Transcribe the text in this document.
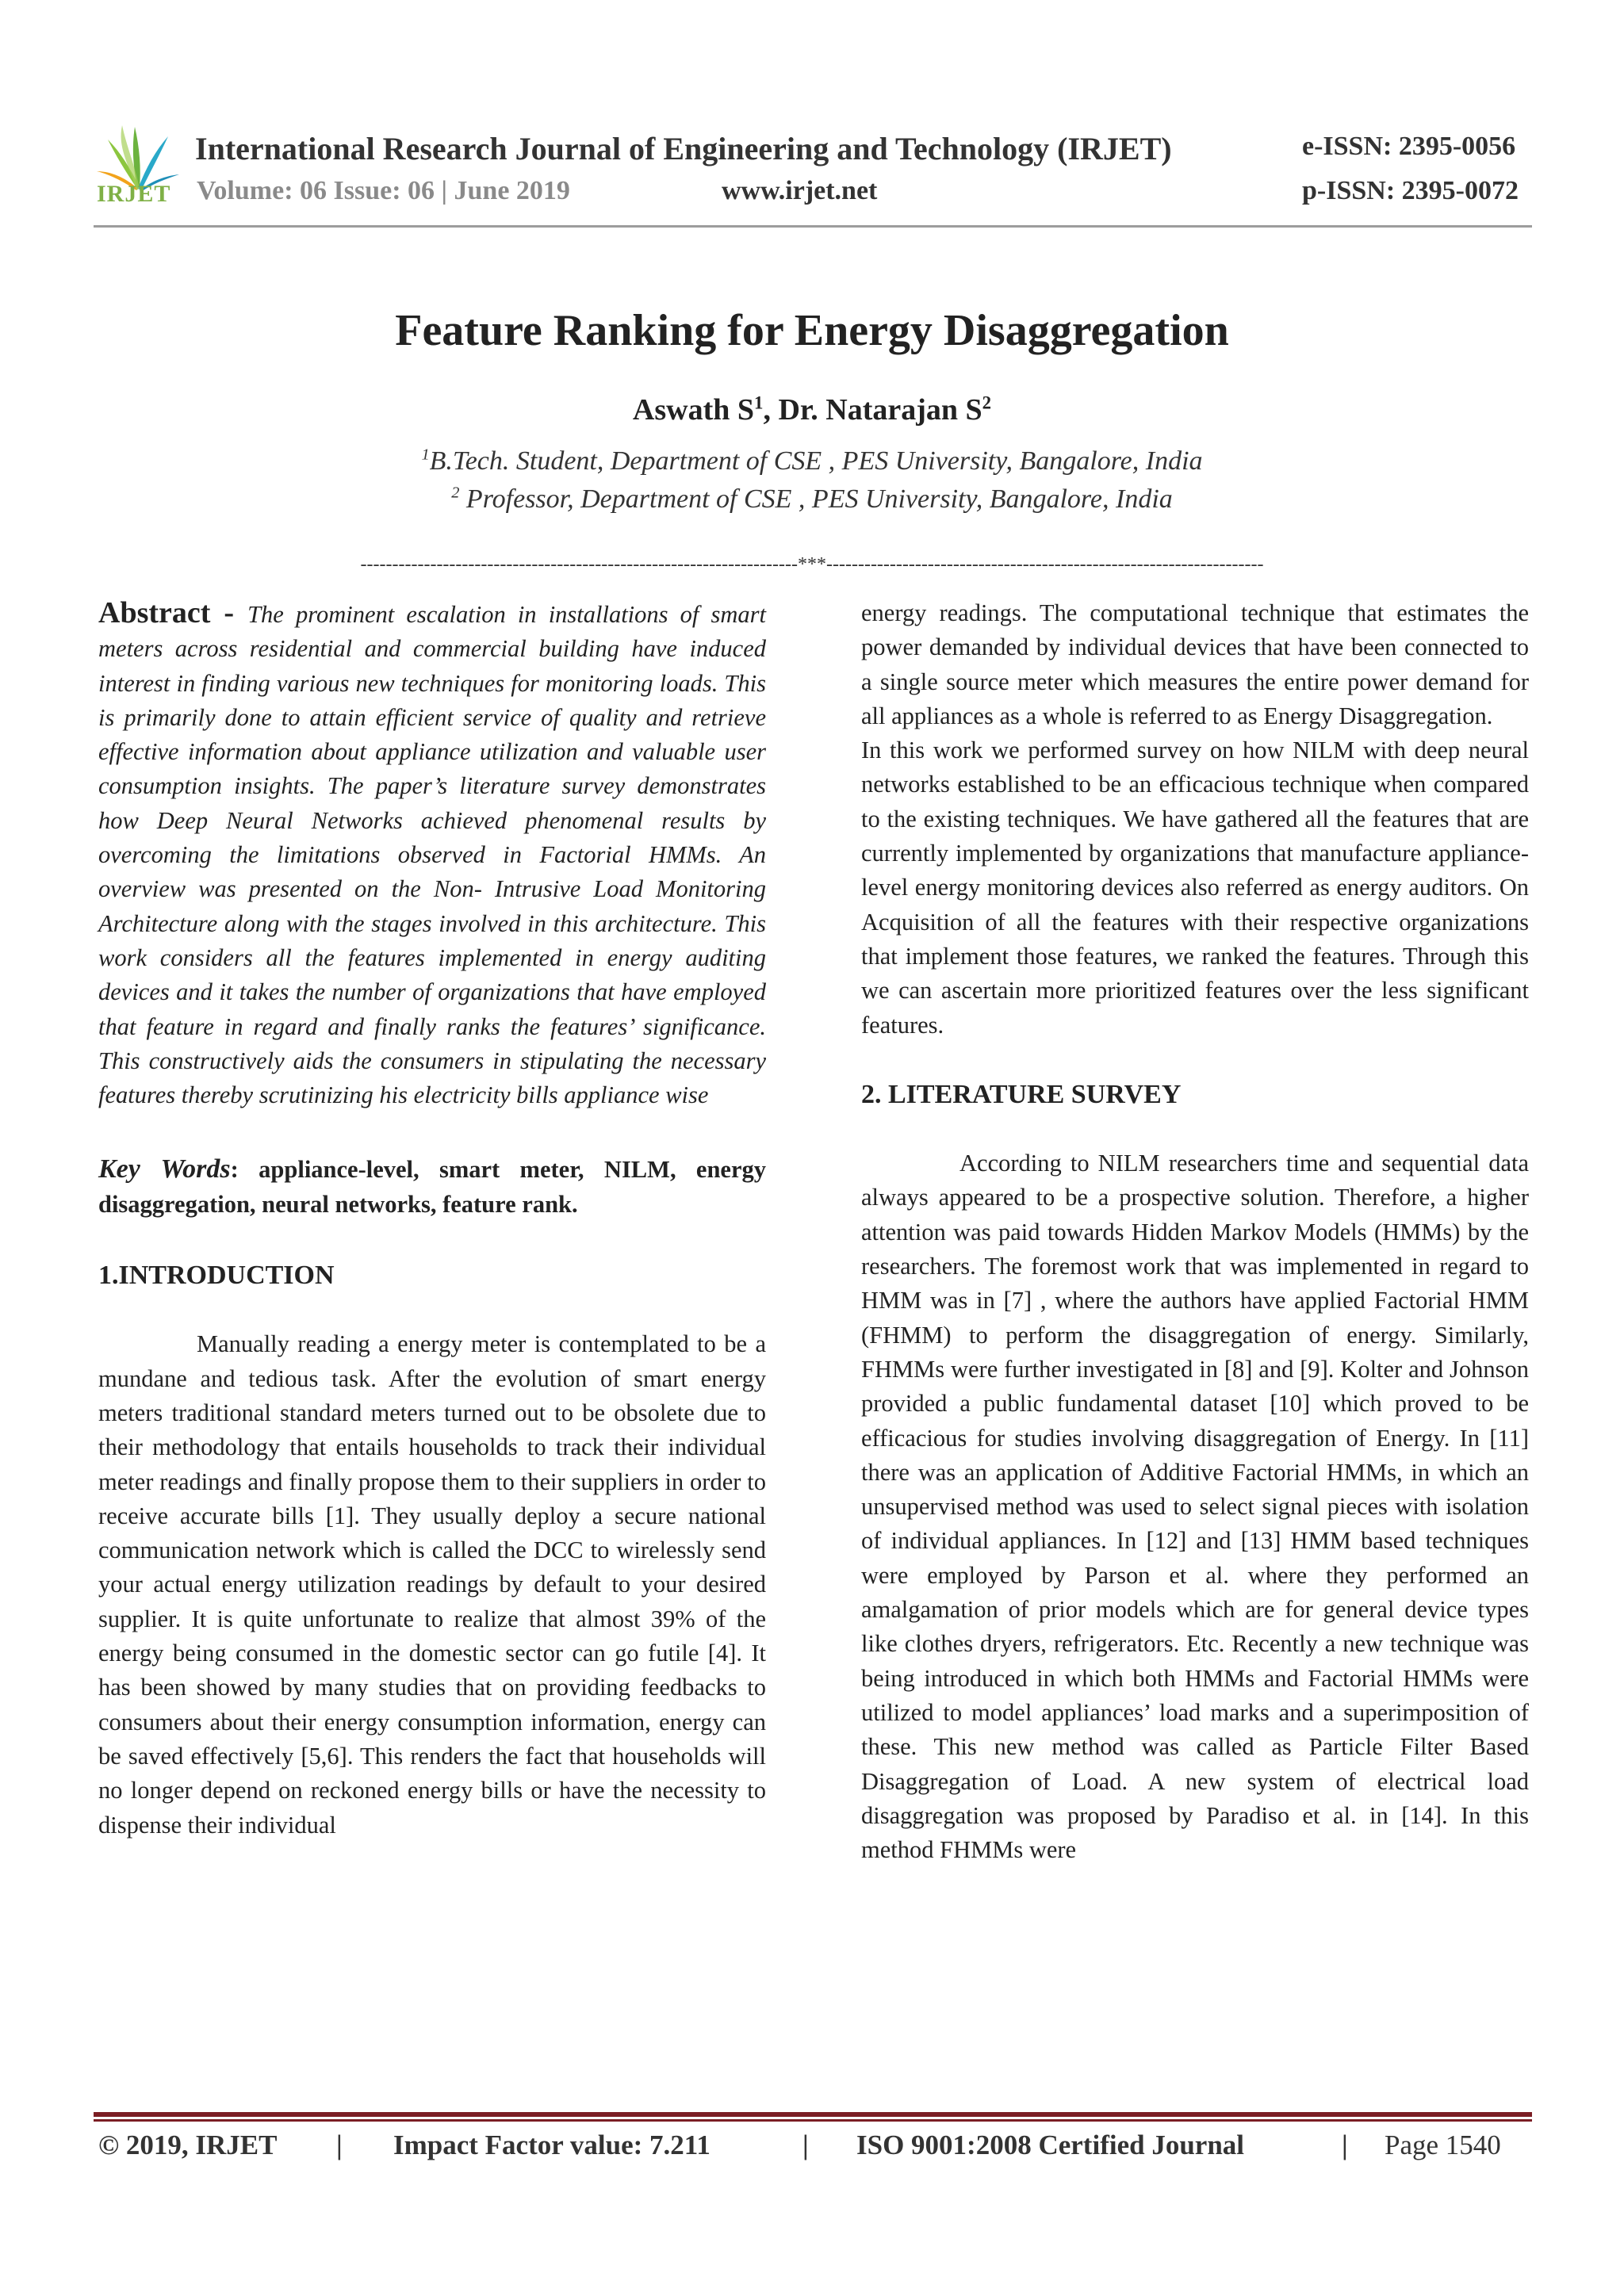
IRJET
International Research Journal of Engineering and Technology (IRJET)	e-ISSN: 2395-0056
Volume: 06 Issue: 06 | June 2019	www.irjet.net	p-ISSN: 2395-0072
Feature Ranking for Energy Disaggregation
Aswath $S^1$, Dr. Natarajan $S^2$
$^1$B.Tech. Student, Department of CSE , PES University, Bangalore, India
$^2$ Professor, Department of CSE , PES University, Bangalore, India
---------------------------------------------------------------------***---------------------------------------------------------------------

Abstract - The prominent escalation in installations of smart meters across residential and commercial building have induced interest in finding various new techniques for monitoring loads. This is primarily done to attain efficient service of quality and retrieve effective information about appliance utilization and valuable user consumption insights. The paper’s literature survey demonstrates how Deep Neural Networks achieved phenomenal results by overcoming the limitations observed in Factorial HMMs. An overview was presented on the Non- Intrusive Load Monitoring Architecture along with the stages involved in this architecture. This work considers all the features implemented in energy auditing devices and it takes the number of organizations that have employed that feature in regard and finally ranks the features’ significance. This constructively aids the consumers in stipulating the necessary features thereby scrutinizing his electricity bills appliance wise

Key Words: appliance-level, smart meter, NILM, energy disaggregation, neural networks, feature rank.

1.INTRODUCTION

Manually reading a energy meter is contemplated to be a mundane and tedious task. After the evolution of smart energy meters traditional standard meters turned out to be obsolete due to their methodology that entails households to track their individual meter readings and finally propose them to their suppliers in order to receive accurate bills [1]. They usually deploy a secure national communication network which is called the DCC to wirelessly send your actual energy utilization readings by default to your desired supplier. It is quite unfortunate to realize that almost 39% of the energy being consumed in the domestic sector can go futile [4]. It has been showed by many studies that on providing feedbacks to consumers about their energy consumption information, energy can be saved effectively [5,6]. This renders the fact that households will no longer depend on reckoned energy bills or have the necessity to dispense their individual

energy readings. The computational technique that estimates the power demanded by individual devices that have been connected to a single source meter which measures the entire power demand for all appliances as a whole is referred to as Energy Disaggregation.

In this work we performed survey on how NILM with deep neural networks established to be an efficacious technique when compared to the existing techniques. We have gathered all the features that are currently implemented by organizations that manufacture appliance-level energy monitoring devices also referred as energy auditors. On Acquisition of all the features with their respective organizations that implement those features, we ranked the features. Through this we can ascertain more prioritized features over the less significant features.

2. LITERATURE SURVEY

According to NILM researchers time and sequential data always appeared to be a prospective solution. Therefore, a higher attention was paid towards Hidden Markov Models (HMMs) by the researchers. The foremost work that was implemented in regard to HMM was in [7] , where the authors have applied Factorial HMM (FHMM) to perform the disaggregation of energy. Similarly, FHMMs were further investigated in [8] and [9]. Kolter and Johnson provided a public fundamental dataset [10] which proved to be efficacious for studies involving disaggregation of Energy. In [11] there was an application of Additive Factorial HMMs, in which an unsupervised method was used to select signal pieces with isolation of individual appliances. In [12] and [13] HMM based techniques were employed by Parson et al. where they performed an amalgamation of prior models which are for general device types like clothes dryers, refrigerators. Etc. Recently a new technique was being introduced in which both HMMs and Factorial HMMs were utilized to model appliances’ load marks and a superimposition of these. This new method was called as Particle Filter Based Disaggregation of Load. A new system of electrical load disaggregation was proposed by Paradiso et al. in [14]. In this method FHMMs were

© 2019, IRJET | Impact Factor value: 7.211	| ISO 9001:2008 Certified Journal	| Page 1540
